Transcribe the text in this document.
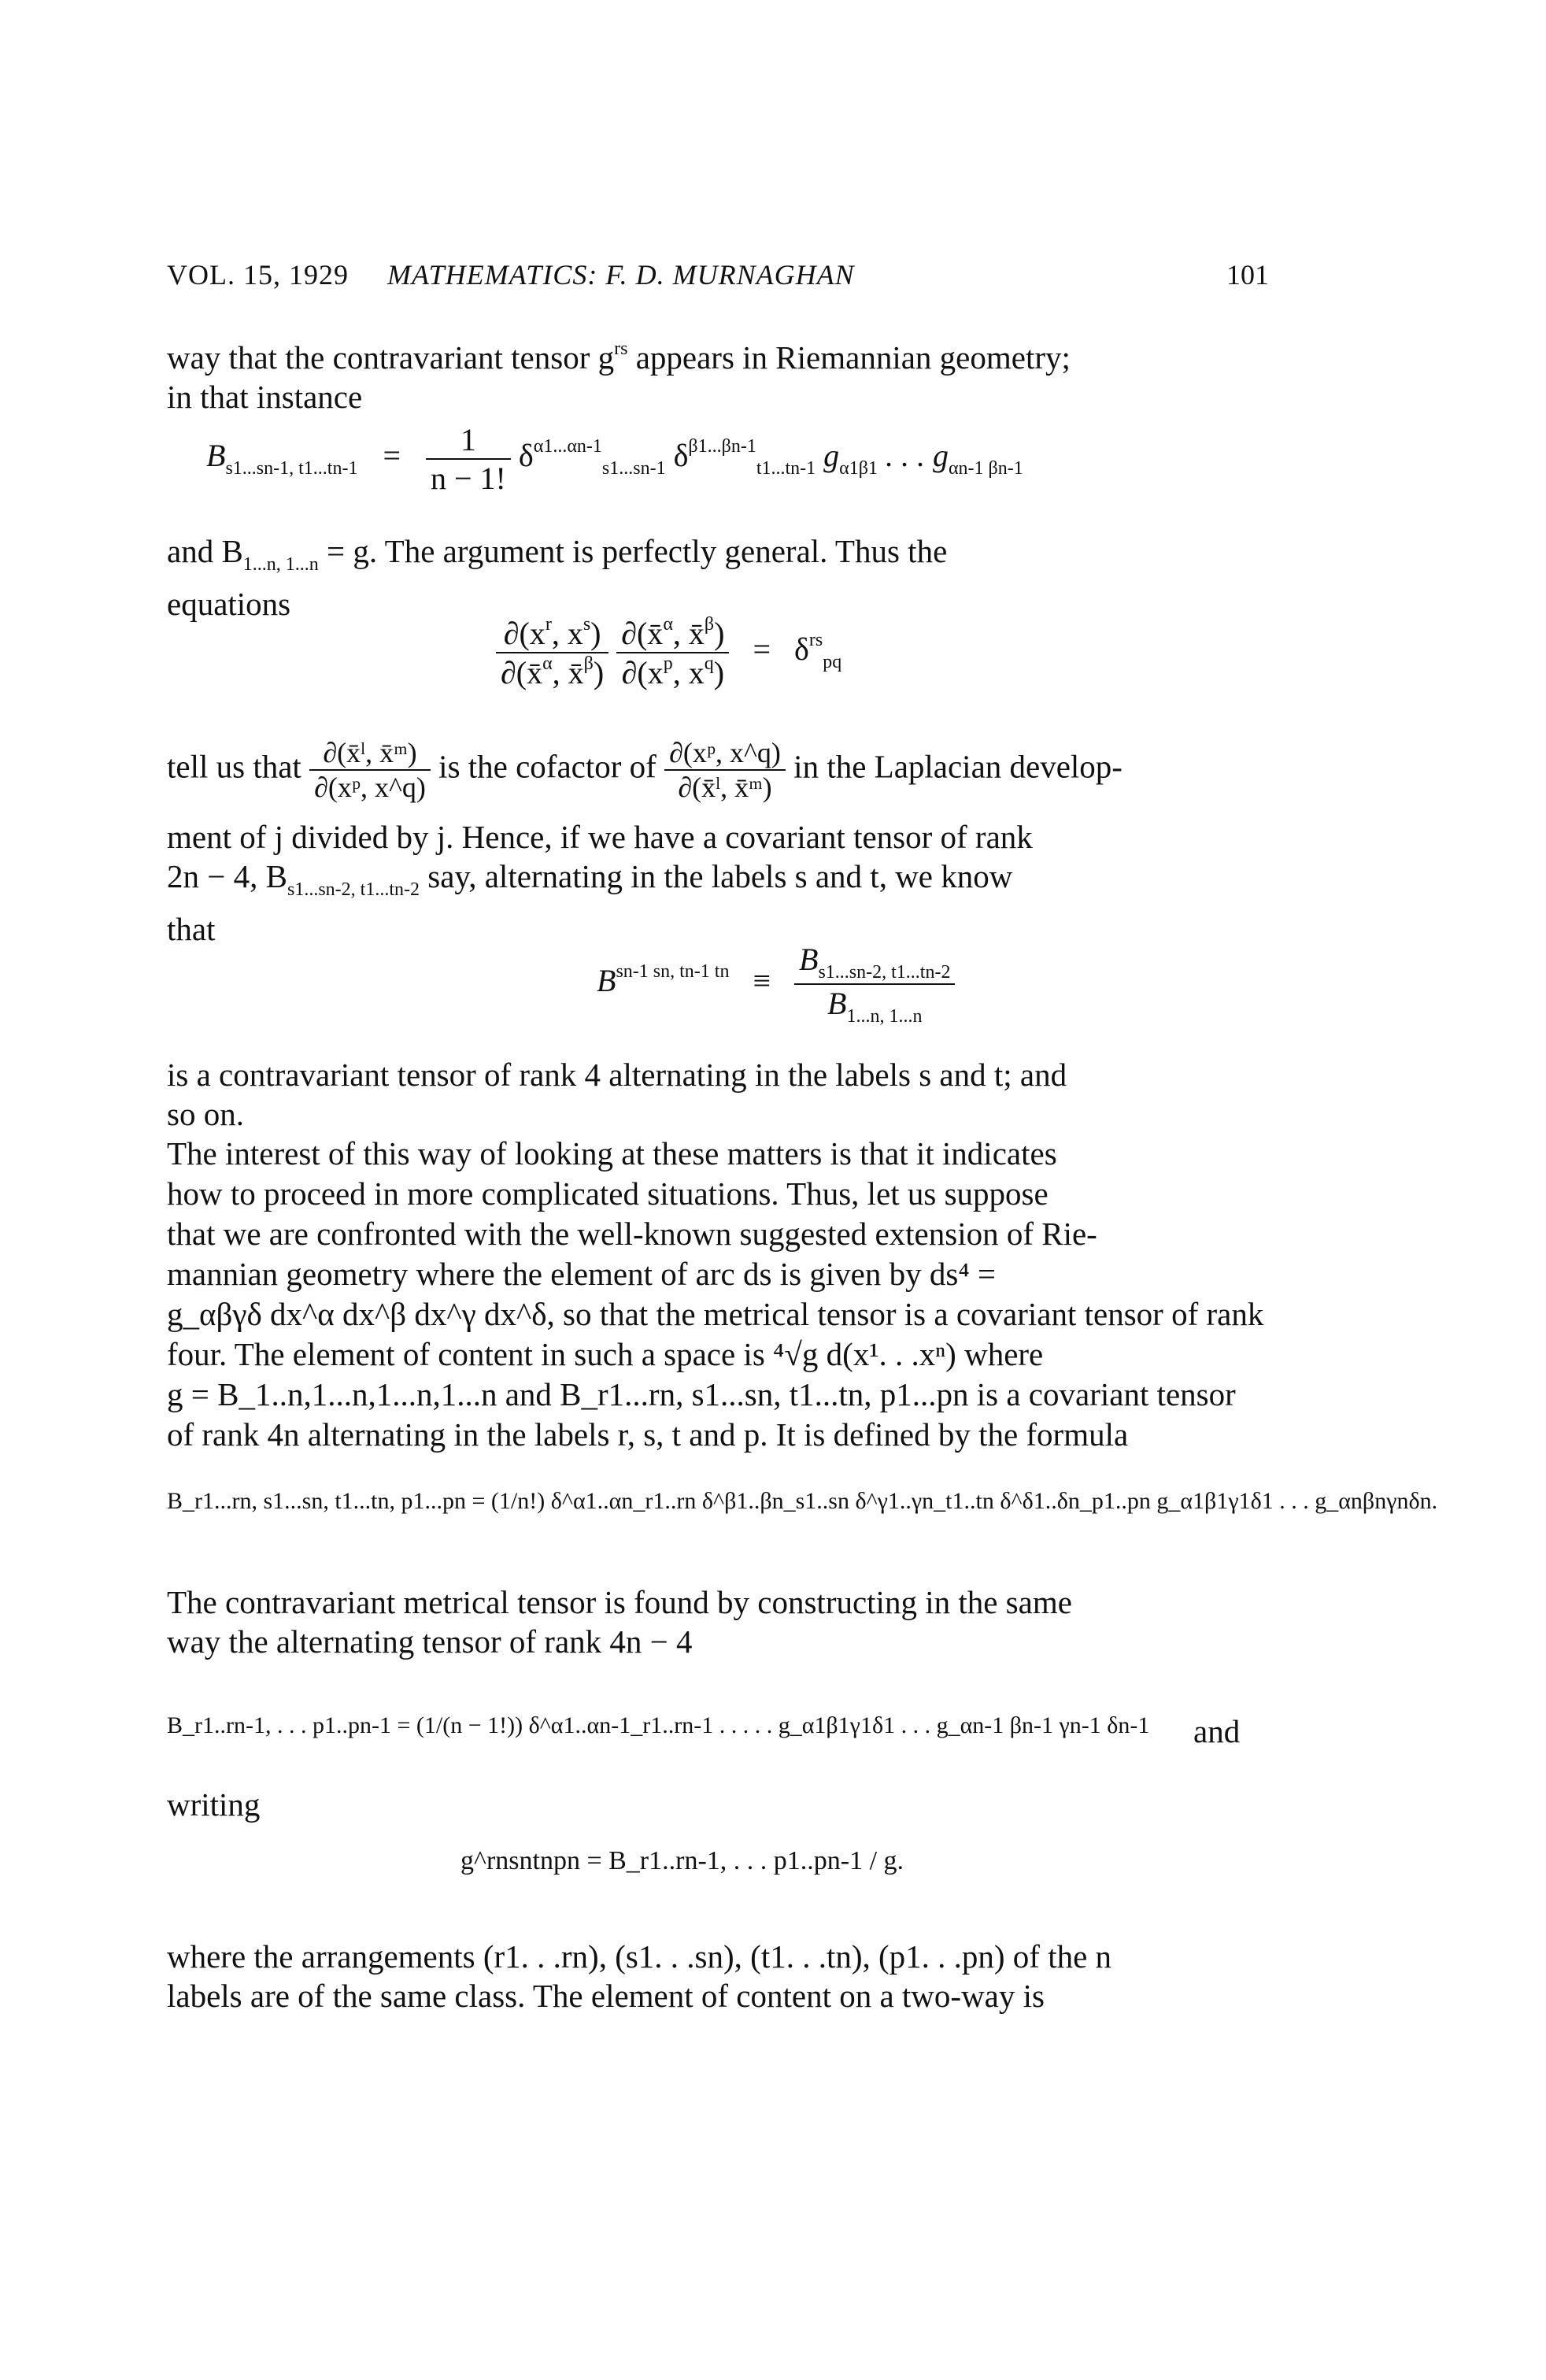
VOL. 15, 1929 MATHEMATICS: F. D. MURNAGHAN	101
way that the contravariant tensor $g^{rs}$ appears in Riemannian geometry;
in that instance
$B_{s1...sn-1, t1...tn-1} = \frac{1}{n - 1!} \delta^{\alpha 1...\alpha n-1}_{s1...sn-1}$ $\delta^{\beta 1...\beta n-1}_{t1...tn-1}$ $g_{\alpha 1\beta 1}$ . . . $g_{\alpha n-1 \beta n-1}$
and $B_{1...n, 1...n} = g$. The argument is perfectly general. Thus the
equations
$\frac{\partial(x^r, x^s)}{\partial(x̄^\alpha, x̄^\beta)}$
$\frac{\partial(x̄^\alpha, x̄^\beta)}{\partial(x^p, x^q)} = \delta^{rs}_{pq}$
tell us that $\frac{\text{∂(x̄ˡ, x̄ᵐ)}}{\text{∂(xᵖ, x\textasciicircum{}q)}}$ is the cofactor of $\frac{\text{∂(xᵖ, x\textasciicircum{}q)}}{\text{∂(x̄ˡ, x̄ᵐ)}}$ in the Laplacian develop-
ment of j divided by j. Hence, if we have a covariant tensor of rank
2n − 4, $B_{s1...sn-2, t1...tn-2}$ say, alternating in the labels s and t, we know
that
$B^{sn-1 sn, tn-1 tn} \equiv \frac{B_{s1...sn-2, t1...tn-2}}{B_{1...n, 1...n}}$
is a contravariant tensor of rank 4 alternating in the labels s and t; and
so on.
The interest of this way of looking at these matters is that it indicates
how to proceed in more complicated situations. Thus, let us suppose
that we are confronted with the well-known suggested extension of Rie-
mannian geometry where the element of arc ds is given by ds⁴ =
g_αβγδ dx^α dx^β dx^γ dx^δ, so that the metrical tensor is a covariant tensor of rank
four. The element of content in such a space is ⁴√g d(x¹. . .xⁿ) where
g = B_1..n,1...n,1...n,1...n and B_r1...rn, s1...sn, t1...tn, p1...pn is a covariant tensor
of rank 4n alternating in the labels r, s, t and p. It is defined by the formula
B_r1...rn, s1...sn, t1...tn, p1...pn = (1/n!) δ^α1..αn_r1..rn δ^β1..βn_s1..sn δ^γ1..γn_t1..tn δ^δ1..δn_p1..pn g_α1β1γ1δ1 . . . g_αnβnγnδn.
The contravariant metrical tensor is found by constructing in the same
way the alternating tensor of rank 4n − 4
B_r1..rn-1, . . . p1..pn-1 = (1/(n − 1!)) δ^α1..αn-1_r1..rn-1 . . . . . g_α1β1γ1δ1 . . . g_αn-1 βn-1 γn-1 δn-1 and
writing
g^rnsntnpn = B_r1..rn-1, . . . p1..pn-1 / g.
where the arrangements (r1. . .rn), (s1. . .sn), (t1. . .tn), (p1. . .pn) of the n
labels are of the same class. The element of content on a two-way is
